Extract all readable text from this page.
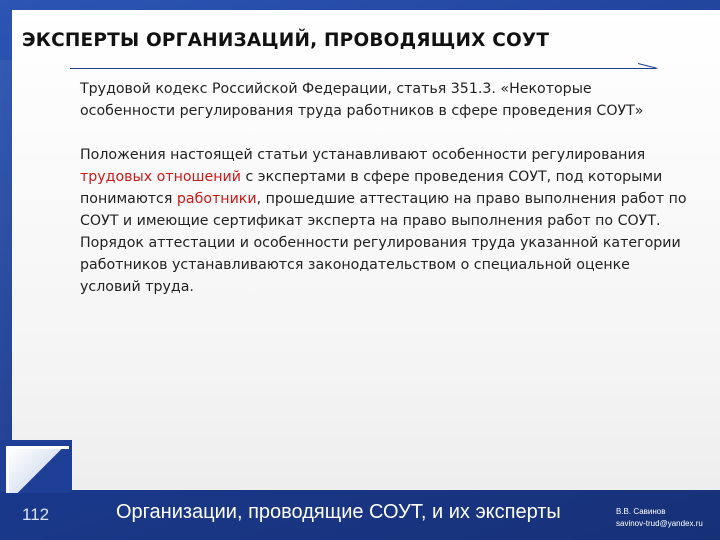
ЭКСПЕРТЫ ОРГАНИЗАЦИЙ, ПРОВОДЯЩИХ СОУТ
Трудовой кодекс Российской Федерации, статья 351.3. «Некоторые особенности регулирования труда работников в сфере проведения СОУТ»
Положения настоящей статьи устанавливают особенности регулирования трудовых отношений с экспертами в сфере проведения СОУТ, под которыми понимаются работники, прошедшие аттестацию на право выполнения работ по СОУТ и имеющие сертификат эксперта на право выполнения работ по СОУТ.
Порядок аттестации и особенности регулирования труда указанной категории работников устанавливаются законодательством о специальной оценке условий труда.
112	Организации, проводящие СОУТ, и их эксперты	В.В. Савинов
savinov-trud@yandex.ru
